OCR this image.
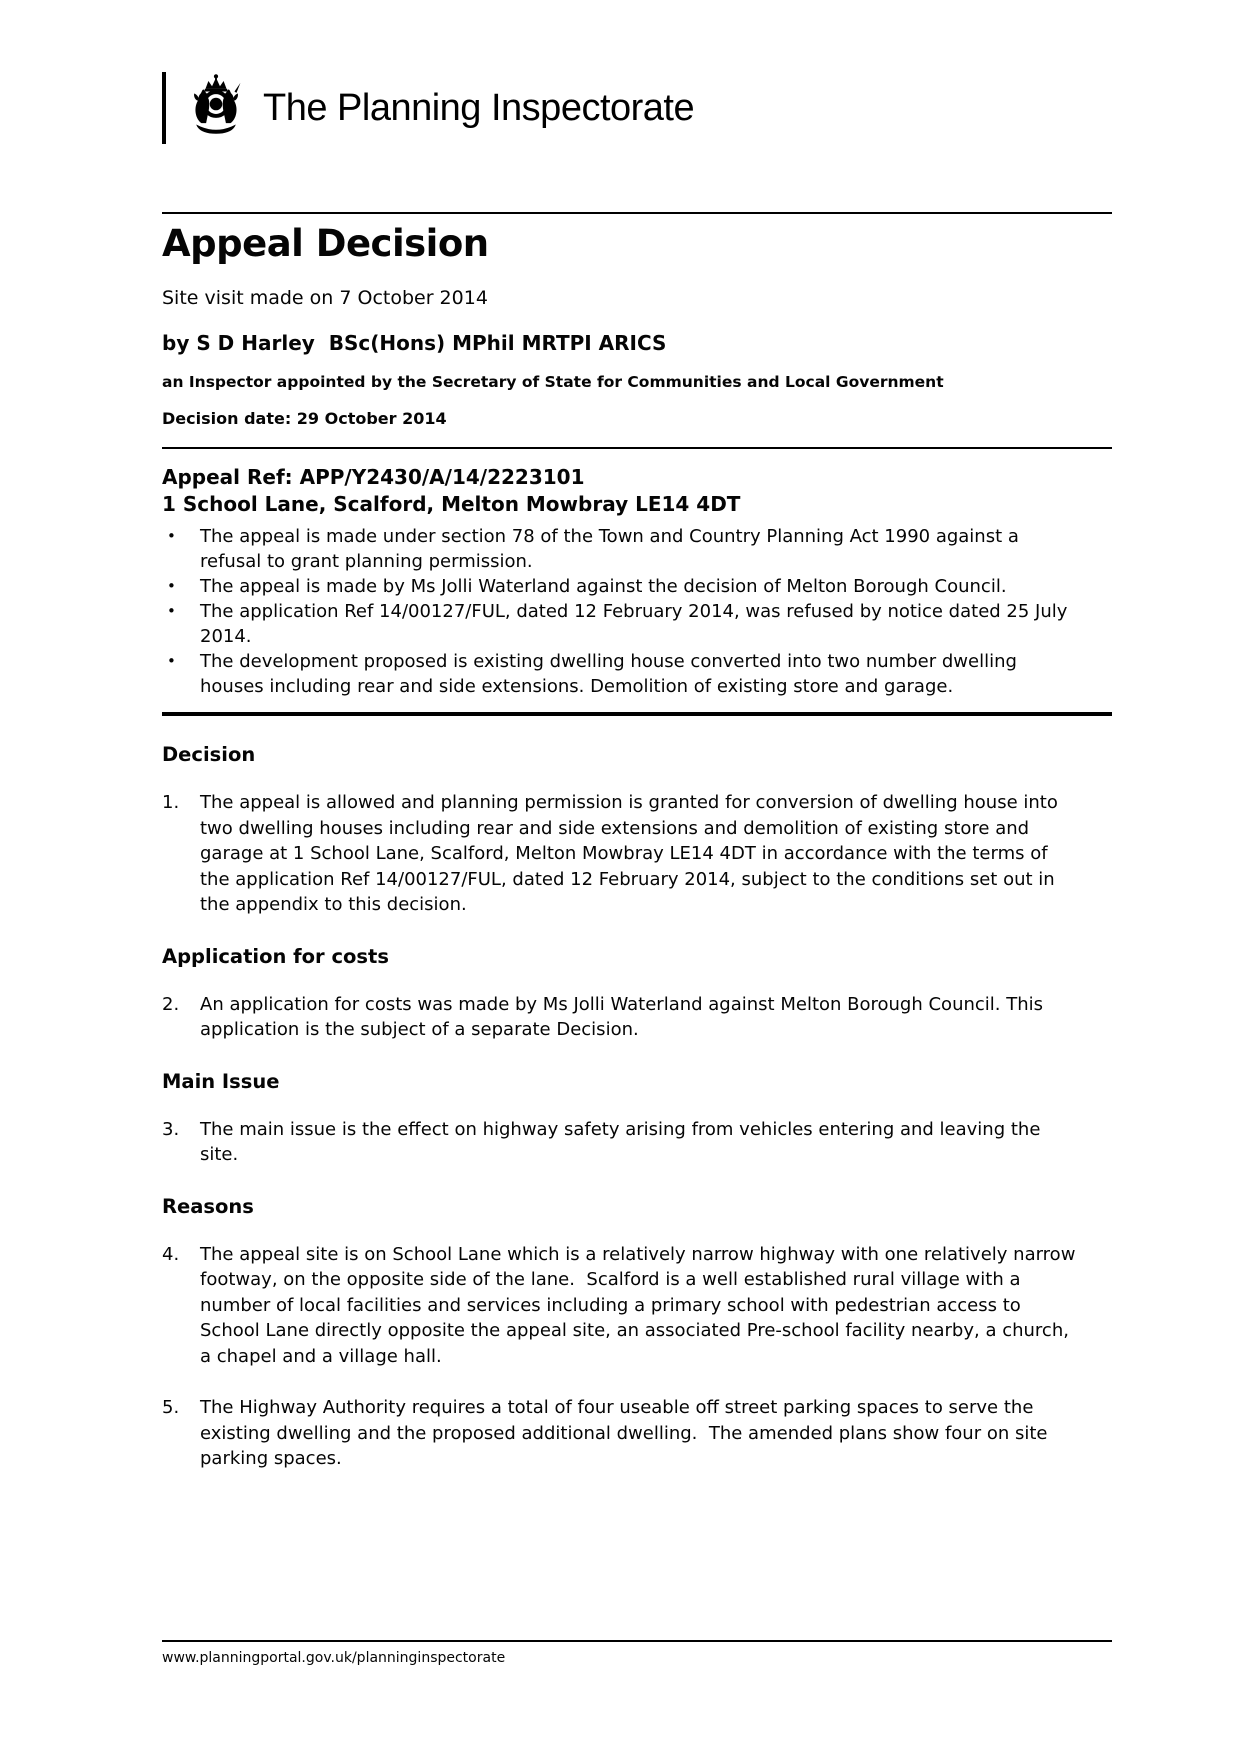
The Planning Inspectorate
Appeal Decision
Site visit made on 7 October 2014
by S D Harley  BSc(Hons) MPhil MRTPI ARICS
an Inspector appointed by the Secretary of State for Communities and Local Government
Decision date: 29 October 2014
Appeal Ref: APP/Y2430/A/14/2223101
1 School Lane, Scalford, Melton Mowbray LE14 4DT
•	The appeal is made under section 78 of the Town and Country Planning Act 1990 against a refusal to grant planning permission.
•	The appeal is made by Ms Jolli Waterland against the decision of Melton Borough Council.
•	The application Ref 14/00127/FUL, dated 12 February 2014, was refused by notice dated 25 July 2014.
•	The development proposed is existing dwelling house converted into two number dwelling houses including rear and side extensions. Demolition of existing store and garage.
Decision
1.	The appeal is allowed and planning permission is granted for conversion of dwelling house into two dwelling houses including rear and side extensions and demolition of existing store and garage at 1 School Lane, Scalford, Melton Mowbray LE14 4DT in accordance with the terms of the application Ref 14/00127/FUL, dated 12 February 2014, subject to the conditions set out in the appendix to this decision.
Application for costs
2.	An application for costs was made by Ms Jolli Waterland against Melton Borough Council. This application is the subject of a separate Decision.
Main Issue
3.	The main issue is the effect on highway safety arising from vehicles entering and leaving the site.
Reasons
4.	The appeal site is on School Lane which is a relatively narrow highway with one relatively narrow footway, on the opposite side of the lane.  Scalford is a well established rural village with a number of local facilities and services including a primary school with pedestrian access to School Lane directly opposite the appeal site, an associated Pre-school facility nearby, a church, a chapel and a village hall.
5.	The Highway Authority requires a total of four useable off street parking spaces to serve the existing dwelling and the proposed additional dwelling.  The amended plans show four on site parking spaces.
www.planningportal.gov.uk/planninginspectorate
